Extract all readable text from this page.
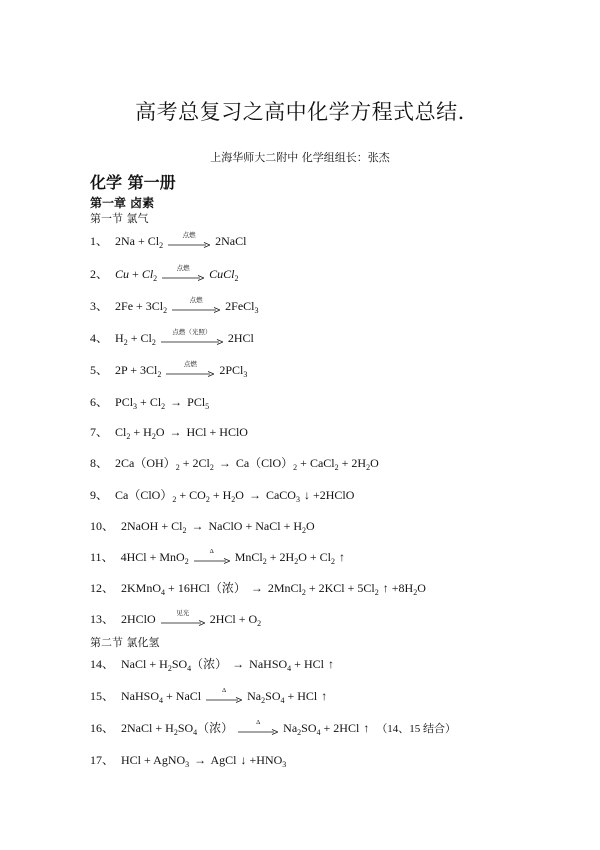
高考总复习之高中化学方程式总结.
上海华师大二附中 化学组组长：张杰
化学 第一册
第一章 卤素
第一节 氯气
1、 $2Na + Cl_2$
点燃	2NaCl
2、 $Cu + Cl_2$
点燃	CuCl$_2$
3、 $2Fe + 3Cl_2$
点燃	2FeCl$_3$
4、 $H_2 + Cl_2$
点燃（光照）	2HCl
5、 $2P + 3Cl_2$
点燃	2PCl$_3$
6、 $PCl_3 + Cl_2 \to PCl_5$
7、 $Cl_2 + H_2O$ → HCl + HClO
8、 $2Ca(OH)_2 + 2Cl_2 \to Ca(ClO)_2$ + CaCl$_2$ + $2H_2O$
9、 $Ca(ClO)_2 + CO_2 + H_2O$ → CaCO$_3$ ↓ +2HClO
10、 2NaOH + $Cl_2$ → NaClO + NaCl + $H_2O$
11、 4HCl + MnO$_2$
Δ	MnCl$_2$ + $2H_2O + Cl_2$ ↑
12、 2KMnO$_4$ + 16HCl（浓） → 2MnCl$_2$ + $2KCl + 5Cl_2$ ↑ $+8H_2O$
13、 2HClO	见光	$2HCl + O_2$
第二节 氯化氢
14、 NaCl + $H_2SO_4$（浓） → NaHSO$_4$ + HCl ↑
15、 NaHSO$_4$ + NaCl	Δ	$Na_2SO_4$ + HCl ↑
16、 2NaCl + $H_2SO_4$（浓）	Δ	$Na_2SO_4 + 2HCl$ ↑ （14、15 结合）
17、 HCl + AgNO$_3$ → AgCl ↓ $+HNO_3$
